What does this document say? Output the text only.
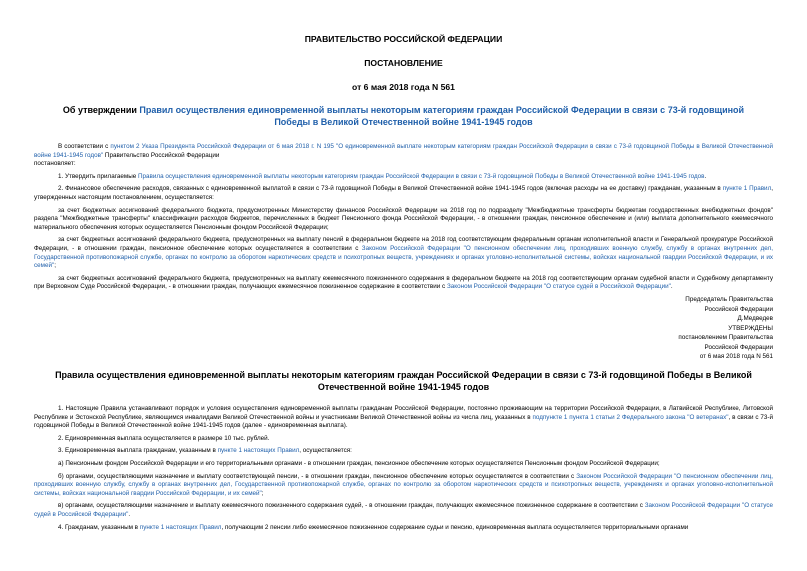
ПРАВИТЕЛЬСТВО РОССИЙСКОЙ ФЕДЕРАЦИИ
ПОСТАНОВЛЕНИЕ
от 6 мая 2018 года N 561
Об утверждении Правил осуществления единовременной выплаты некоторым категориям граждан Российской Федерации в связи с 73-й годовщиной Победы в Великой Отечественной войне 1941-1945 годов

В соответствии с пунктом 2 Указа Президента Российской Федерации от 6 мая 2018 г. N 195 "О единовременной выплате некоторым категориям граждан Российской Федерации в связи с 73-й годовщиной Победы в Великой Отечественной войне 1941-1945 годов" Правительство Российской Федерации

постановляет:

1. Утвердить прилагаемые Правила осуществления единовременной выплаты некоторым категориям граждан Российской Федерации в связи с 73-й годовщиной Победы в Великой Отечественной войне 1941-1945 годов.

2. Финансовое обеспечение расходов, связанных с единовременной выплатой в связи с 73-й годовщиной Победы в Великой Отечественной войне 1941-1945 годов (включая расходы на ее доставку) гражданам, указанным в пункте 1 Правил, утвержденных настоящим постановлением, осуществляется:

за счет бюджетных ассигнований федерального бюджета, предусмотренных Министерству финансов Российской Федерации на 2018 год по подразделу "Межбюджетные трансферты бюджетам государственных внебюджетных фондов" раздела "Межбюджетные трансферты" классификации расходов бюджетов, перечисленных в бюджет Пенсионного фонда Российской Федерации, - в отношении граждан, пенсионное обеспечение и (или) выплата дополнительного ежемесячного материального обеспечения которых осуществляется Пенсионным фондом Российской Федерации;

за счет бюджетных ассигнований федерального бюджета, предусмотренных на выплату пенсий в федеральном бюджете на 2018 год соответствующим федеральным органам исполнительной власти и Генеральной прокуратуре Российской Федерации, - в отношении граждан, пенсионное обеспечение которых осуществляется в соответствии с Законом Российской Федерации "О пенсионном обеспечении лиц, проходивших военную службу, службу в органах внутренних дел, Государственной противопожарной службе, органах по контролю за оборотом наркотических средств и психотропных веществ, учреждениях и органах уголовно-исполнительной системы, войсках национальной гвардии Российской Федерации, и их семей";

за счет бюджетных ассигнований федерального бюджета, предусмотренных на выплату ежемесячного пожизненного содержания в федеральном бюджете на 2018 год соответствующим органам судебной власти и Судебному департаменту при Верховном Суде Российской Федерации, - в отношении граждан, получающих ежемесячное пожизненное содержание в соответствии с Законом Российской Федерации "О статусе судей в Российской Федерации".

Председатель Правительства
Российской Федерации
Д.Медведев
УТВЕРЖДЕНЫ
постановлением Правительства
Российской Федерации
от 6 мая 2018 года N 561
Правила осуществления единовременной выплаты некоторым категориям граждан Российской Федерации в связи с 73-й годовщиной Победы в Великой Отечественной войне 1941-1945 годов

1. Настоящие Правила устанавливают порядок и условия осуществления единовременной выплаты гражданам Российской Федерации, постоянно проживающим на территории Российской Федерации, в Латвийской Республике, Литовской Республике и Эстонской Республике, являющимся инвалидами Великой Отечественной войны и участниками Великой Отечественной войны из числа лиц, указанных в подпункте 1 пункта 1 статьи 2 Федерального закона "О ветеранах", в связи с 73-й годовщиной Победы в Великой Отечественной войне 1941-1945 годов (далее - единовременная выплата).

2. Единовременная выплата осуществляется в размере 10 тыс. рублей.

3. Единовременная выплата гражданам, указанным в пункте 1 настоящих Правил, осуществляется:

а) Пенсионным фондом Российской Федерации и его территориальными органами - в отношении граждан, пенсионное обеспечение которых осуществляется Пенсионным фондом Российской Федерации;

б) органами, осуществляющими назначение и выплату соответствующей пенсии, - в отношении граждан, пенсионное обеспечение которых осуществляется в соответствии с Законом Российской Федерации "О пенсионном обеспечении лиц, проходивших военную службу, службу в органах внутренних дел, Государственной противопожарной службе, органах по контролю за оборотом наркотических средств и психотропных веществ, учреждениях и органах уголовно-исполнительной системы, войсках национальной гвардии Российской Федерации, и их семей";

в) органами, осуществляющими назначение и выплату ежемесячного пожизненного содержания судей, - в отношении граждан, получающих ежемесячное пожизненное содержание в соответствии с Законом Российской Федерации "О статусе судей в Российской Федерации".

4. Гражданам, указанным в пункте 1 настоящих Правил, получающим 2 пенсии либо ежемесячное пожизненное содержание судьи и пенсию, единовременная выплата осуществляется территориальными органами
